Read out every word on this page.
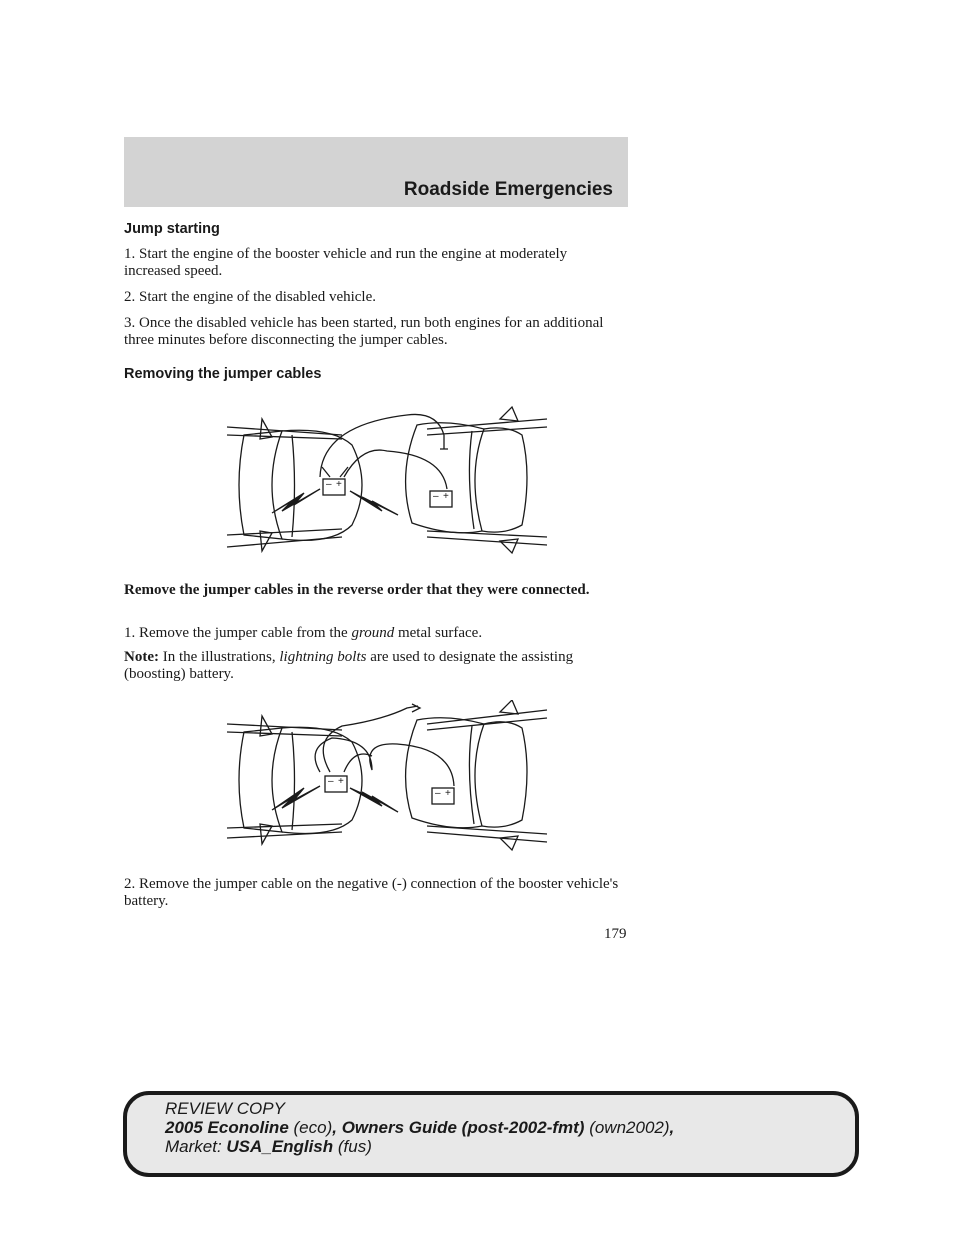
Roadside Emergencies
Jump starting

1. Start the engine of the booster vehicle and run the engine at moderately increased speed.

2. Start the engine of the disabled vehicle.

3. Once the disabled vehicle has been started, run both engines for an additional three minutes before disconnecting the jumper cables.

Removing the jumper cables
– +
– +

Remove the jumper cables in the reverse order that they were connected.

1. Remove the jumper cable from the ground metal surface.

Note: In the illustrations, lightning bolts are used to designate the assisting (boosting) battery.

– +
– +

2. Remove the jumper cable on the negative (-) connection of the booster vehicle's battery.

179
REVIEW COPY
2005 Econoline (eco), Owners Guide (post-2002-fmt) (own2002),
Market: USA_English (fus)
